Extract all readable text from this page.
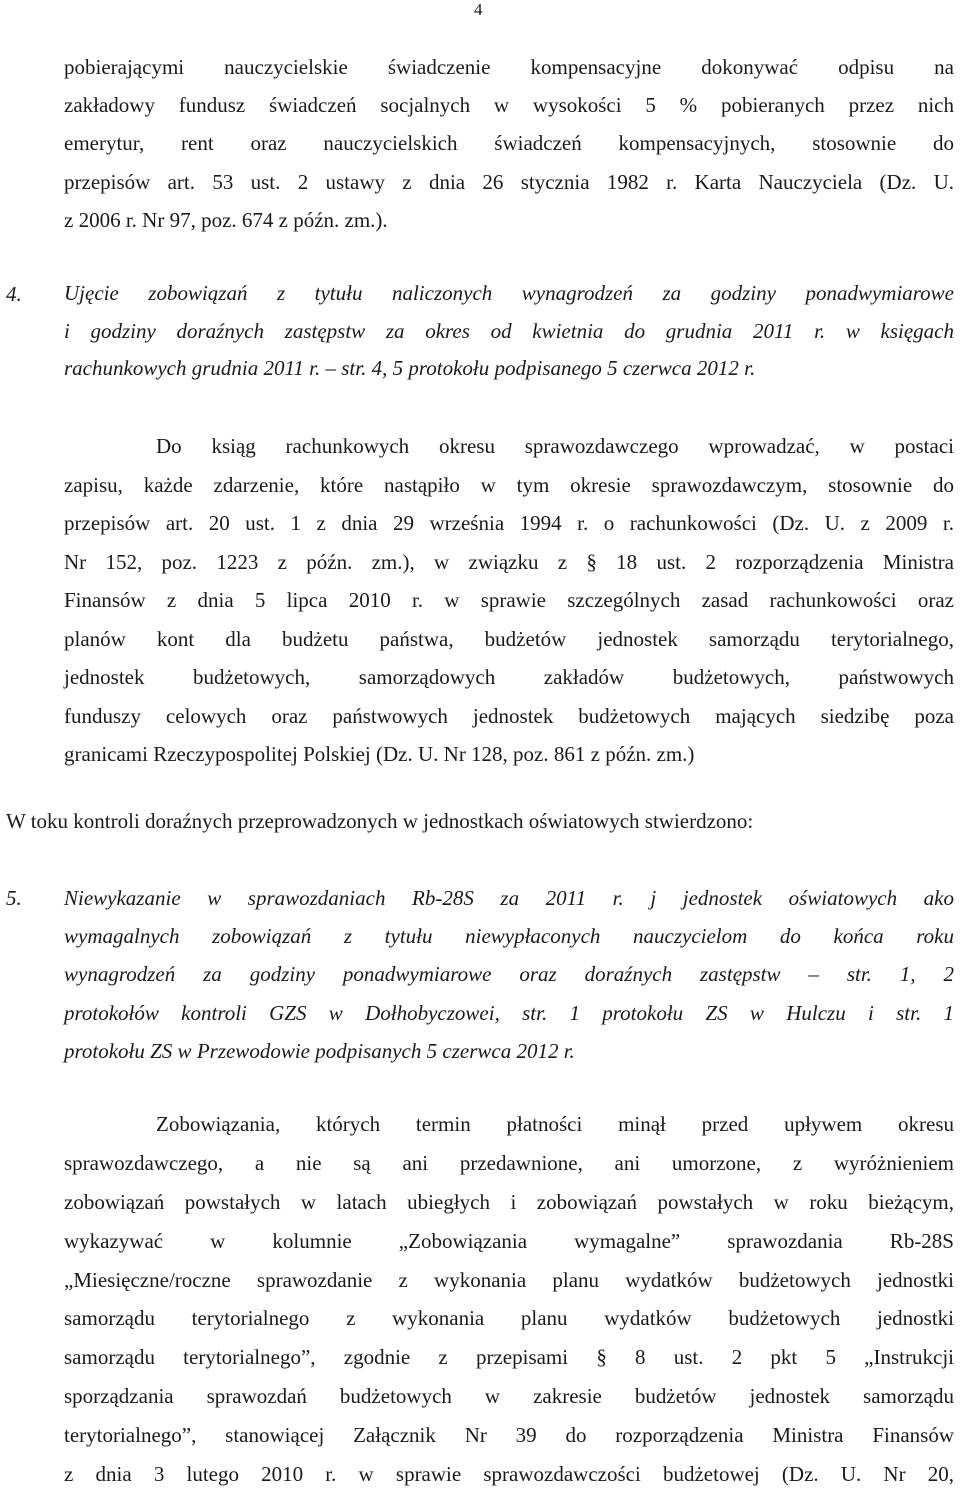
4
pobierającymi nauczycielskie świadczenie kompensacyjne dokonywać odpisu na
zakładowy fundusz świadczeń socjalnych w wysokości 5 % pobieranych przez nich
emerytur, rent oraz nauczycielskich świadczeń kompensacyjnych, stosownie do
przepisów art. 53 ust. 2 ustawy z dnia 26 stycznia 1982 r. Karta Nauczyciela (Dz. U.
z 2006 r. Nr 97, poz. 674 z późn. zm.).
4. Ujęcie zobowiązań z tytułu naliczonych wynagrodzeń za godziny ponadwymiarowe
i godziny doraźnych zastępstw za okres od kwietnia do grudnia 2011 r. w księgach
rachunkowych grudnia 2011 r. – str. 4, 5 protokołu podpisanego 5 czerwca 2012 r.
Do ksiąg rachunkowych okresu sprawozdawczego wprowadzać, w postaci
zapisu, każde zdarzenie, które nastąpiło w tym okresie sprawozdawczym, stosownie do
przepisów art. 20 ust. 1 z dnia 29 września 1994 r. o rachunkowości (Dz. U. z 2009 r.
Nr 152, poz. 1223 z późn. zm.), w związku z § 18 ust. 2 rozporządzenia Ministra
Finansów z dnia 5 lipca 2010 r. w sprawie szczególnych zasad rachunkowości oraz
planów kont dla budżetu państwa, budżetów jednostek samorządu terytorialnego,
jednostek budżetowych, samorządowych zakładów budżetowych, państwowych
funduszy celowych oraz państwowych jednostek budżetowych mających siedzibę poza
granicami Rzeczypospolitej Polskiej (Dz. U. Nr 128, poz. 861 z późn. zm.)
W toku kontroli doraźnych przeprowadzonych w jednostkach oświatowych stwierdzono:
5. Niewykazanie w sprawozdaniach Rb-28S za 2011 r. j jednostek oświatowych ako
wymagalnych zobowiązań z tytułu niewypłaconych nauczycielom do końca roku
wynagrodzeń za godziny ponadwymiarowe oraz doraźnych zastępstw – str. 1, 2
protokołów kontroli GZS w Dołhobyczowei, str. 1 protokołu ZS w Hulczu i str. 1
protokołu ZS w Przewodowie podpisanych 5 czerwca 2012 r.
Zobowiązania, których termin płatności minął przed upływem okresu
sprawozdawczego, a nie są ani przedawnione, ani umorzone, z wyróżnieniem
zobowiązań powstałych w latach ubiegłych i zobowiązań powstałych w roku bieżącym,
wykazywać w kolumnie „Zobowiązania wymagalne” sprawozdania Rb-28S
„Miesięczne/roczne sprawozdanie z wykonania planu wydatków budżetowych jednostki
samorządu terytorialnego z wykonania planu wydatków budżetowych jednostki
samorządu terytorialnego”, zgodnie z przepisami § 8 ust. 2 pkt 5 „Instrukcji
sporządzania sprawozdań budżetowych w zakresie budżetów jednostek samorządu
terytorialnego”, stanowiącej Załącznik Nr 39 do rozporządzenia Ministra Finansów
z dnia 3 lutego 2010 r. w sprawie sprawozdawczości budżetowej (Dz. U. Nr 20,
